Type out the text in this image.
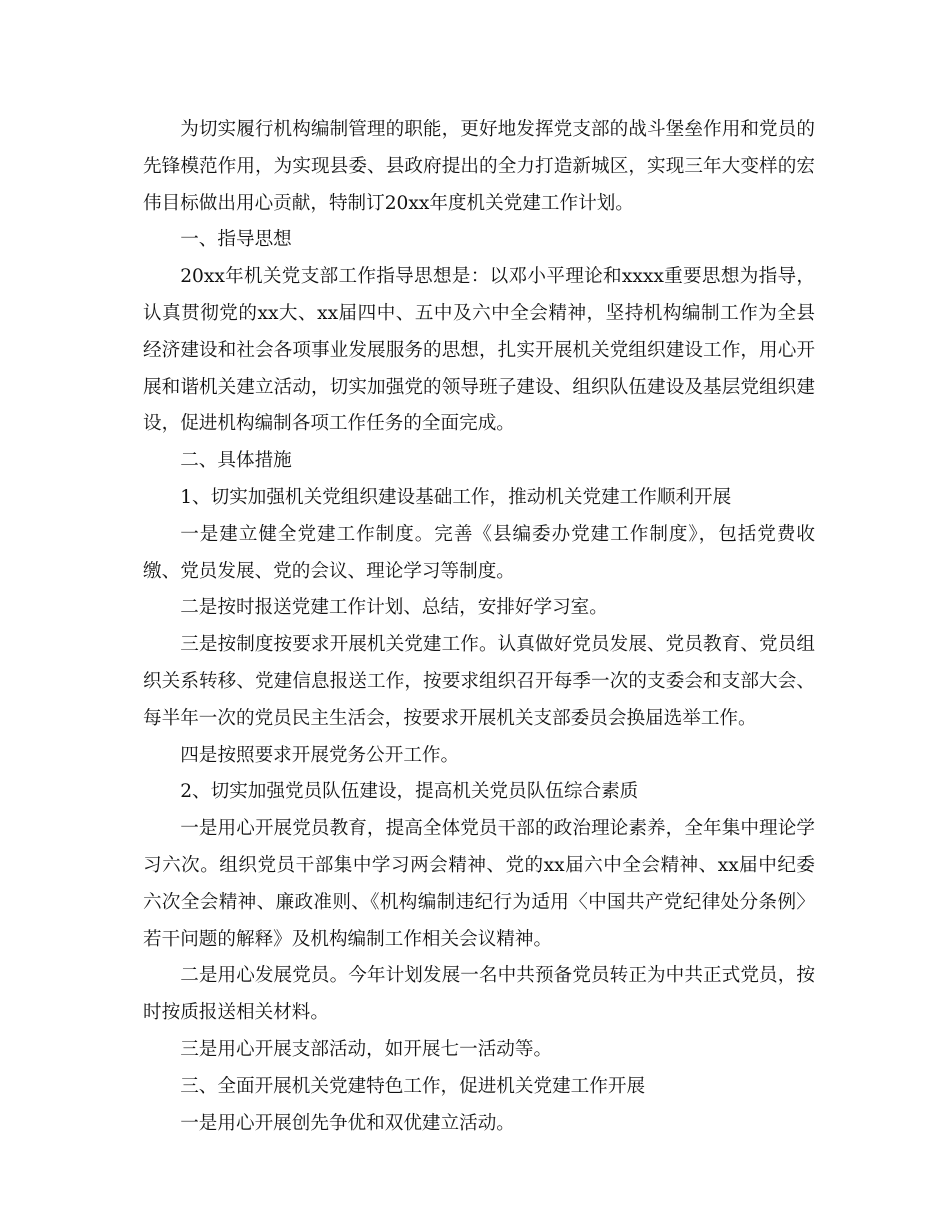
为切实履行机构编制管理的职能，更好地发挥党支部的战斗堡垒作用和党员的先锋模范作用，为实现县委、县政府提出的全力打造新城区，实现三年大变样的宏伟目标做出用心贡献，特制订20xx年度机关党建工作计划。

一、指导思想

20xx年机关党支部工作指导思想是：以邓小平理论和xxxx重要思想为指导，认真贯彻党的xx大、xx届四中、五中及六中全会精神，坚持机构编制工作为全县经济建设和社会各项事业发展服务的思想，扎实开展机关党组织建设工作，用心开展和谐机关建立活动，切实加强党的领导班子建设、组织队伍建设及基层党组织建设，促进机构编制各项工作任务的全面完成。

二、具体措施

1、切实加强机关党组织建设基础工作，推动机关党建工作顺利开展

一是建立健全党建工作制度。完善《县编委办党建工作制度》，包括党费收缴、党员发展、党的会议、理论学习等制度。

二是按时报送党建工作计划、总结，安排好学习室。

三是按制度按要求开展机关党建工作。认真做好党员发展、党员教育、党员组织关系转移、党建信息报送工作，按要求组织召开每季一次的支委会和支部大会、每半年一次的党员民主生活会，按要求开展机关支部委员会换届选举工作。

四是按照要求开展党务公开工作。

2、切实加强党员队伍建设，提高机关党员队伍综合素质

一是用心开展党员教育，提高全体党员干部的政治理论素养，全年集中理论学习六次。组织党员干部集中学习两会精神、党的xx届六中全会精神、xx届中纪委六次全会精神、廉政准则、《机构编制违纪行为适用〈中国共产党纪律处分条例〉若干问题的解释》及机构编制工作相关会议精神。

二是用心发展党员。今年计划发展一名中共预备党员转正为中共正式党员，按时按质报送相关材料。

三是用心开展支部活动，如开展七一活动等。

三、全面开展机关党建特色工作，促进机关党建工作开展

一是用心开展创先争优和双优建立活动。
